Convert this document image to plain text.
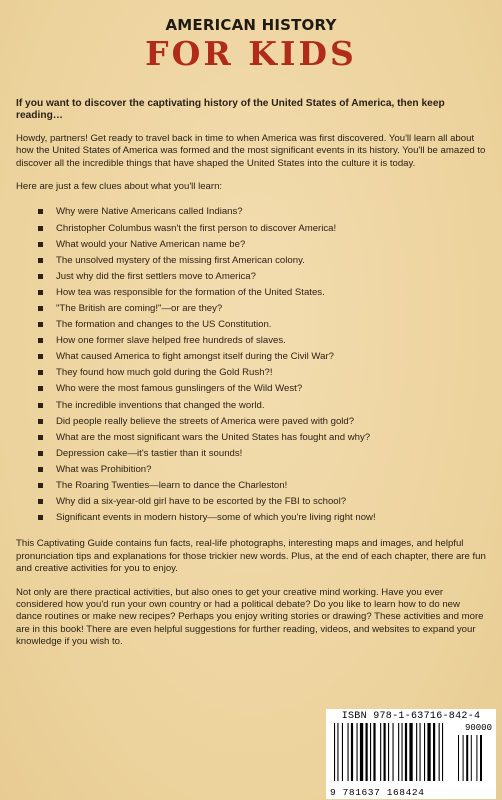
AMERICAN HISTORY
FOR KIDS

If you want to discover the captivating history of the United States of America, then keep reading…

Howdy, partners! Get ready to travel back in time to when America was first discovered. You'll learn all about how the United States of America was formed and the most significant events in its history. You'll be amazed to discover all the incredible things that have shaped the United States into the culture it is today.

Here are just a few clues about what you'll learn:

Why were Native Americans called Indians?
Christopher Columbus wasn't the first person to discover America!
What would your Native American name be?
The unsolved mystery of the missing first American colony.
Just why did the first settlers move to America?
How tea was responsible for the formation of the United States.
"The British are coming!"—or are they?
The formation and changes to the US Constitution.
How one former slave helped free hundreds of slaves.
What caused America to fight amongst itself during the Civil War?
They found how much gold during the Gold Rush?!
Who were the most famous gunslingers of the Wild West?
The incredible inventions that changed the world.
Did people really believe the streets of America were paved with gold?
What are the most significant wars the United States has fought and why?
Depression cake—it's tastier than it sounds!
What was Prohibition?
The Roaring Twenties—learn to dance the Charleston!
Why did a six-year-old girl have to be escorted by the FBI to school?
Significant events in modern history—some of which you're living right now!

This Captivating Guide contains fun facts, real-life photographs, interesting maps and images, and helpful pronunciation tips and explanations for those trickier new words. Plus, at the end of each chapter, there are fun and creative activities for you to enjoy.

Not only are there practical activities, but also ones to get your creative mind working. Have you ever considered how you'd run your own country or had a political debate? Do you like to learn how to do new dance routines or make new recipes? Perhaps you enjoy writing stories or drawing? These activities and more are in this book! There are even helpful suggestions for further reading, videos, and websites to expand your knowledge if you wish to.

ISBN 978-1-63716-842-4
90000
9 781637 168424
